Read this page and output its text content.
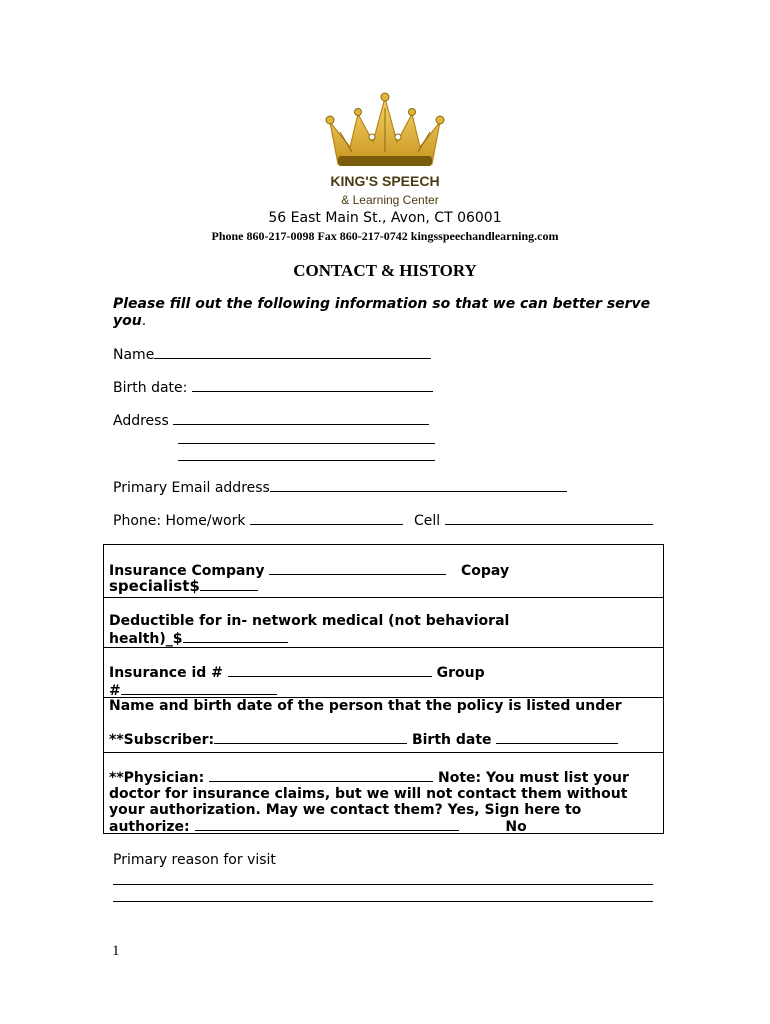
KING'S SPEECH
& Learning Center
56 East Main St., Avon, CT 06001
Phone 860-217-0098 Fax 860-217-0742 kingsspeechandlearning.com
CONTACT & HISTORY
Please fill out the following information so that we can better serve
you.
Name
Birth date:
Address
Primary Email address
Phone: Home/work	Cell
Insurance Company	Copay
specialist$
Deductible for in- network medical (not behavioral
health)_$
Insurance id #	Group
#
Name and birth date of the person that the policy is listed under
**Subscriber:	Birth date
**Physician:	Note: You must list your
doctor for insurance claims, but we will not contact them without
your authorization. May we contact them? Yes, Sign here to
authorize:	No
Primary reason for visit
1
